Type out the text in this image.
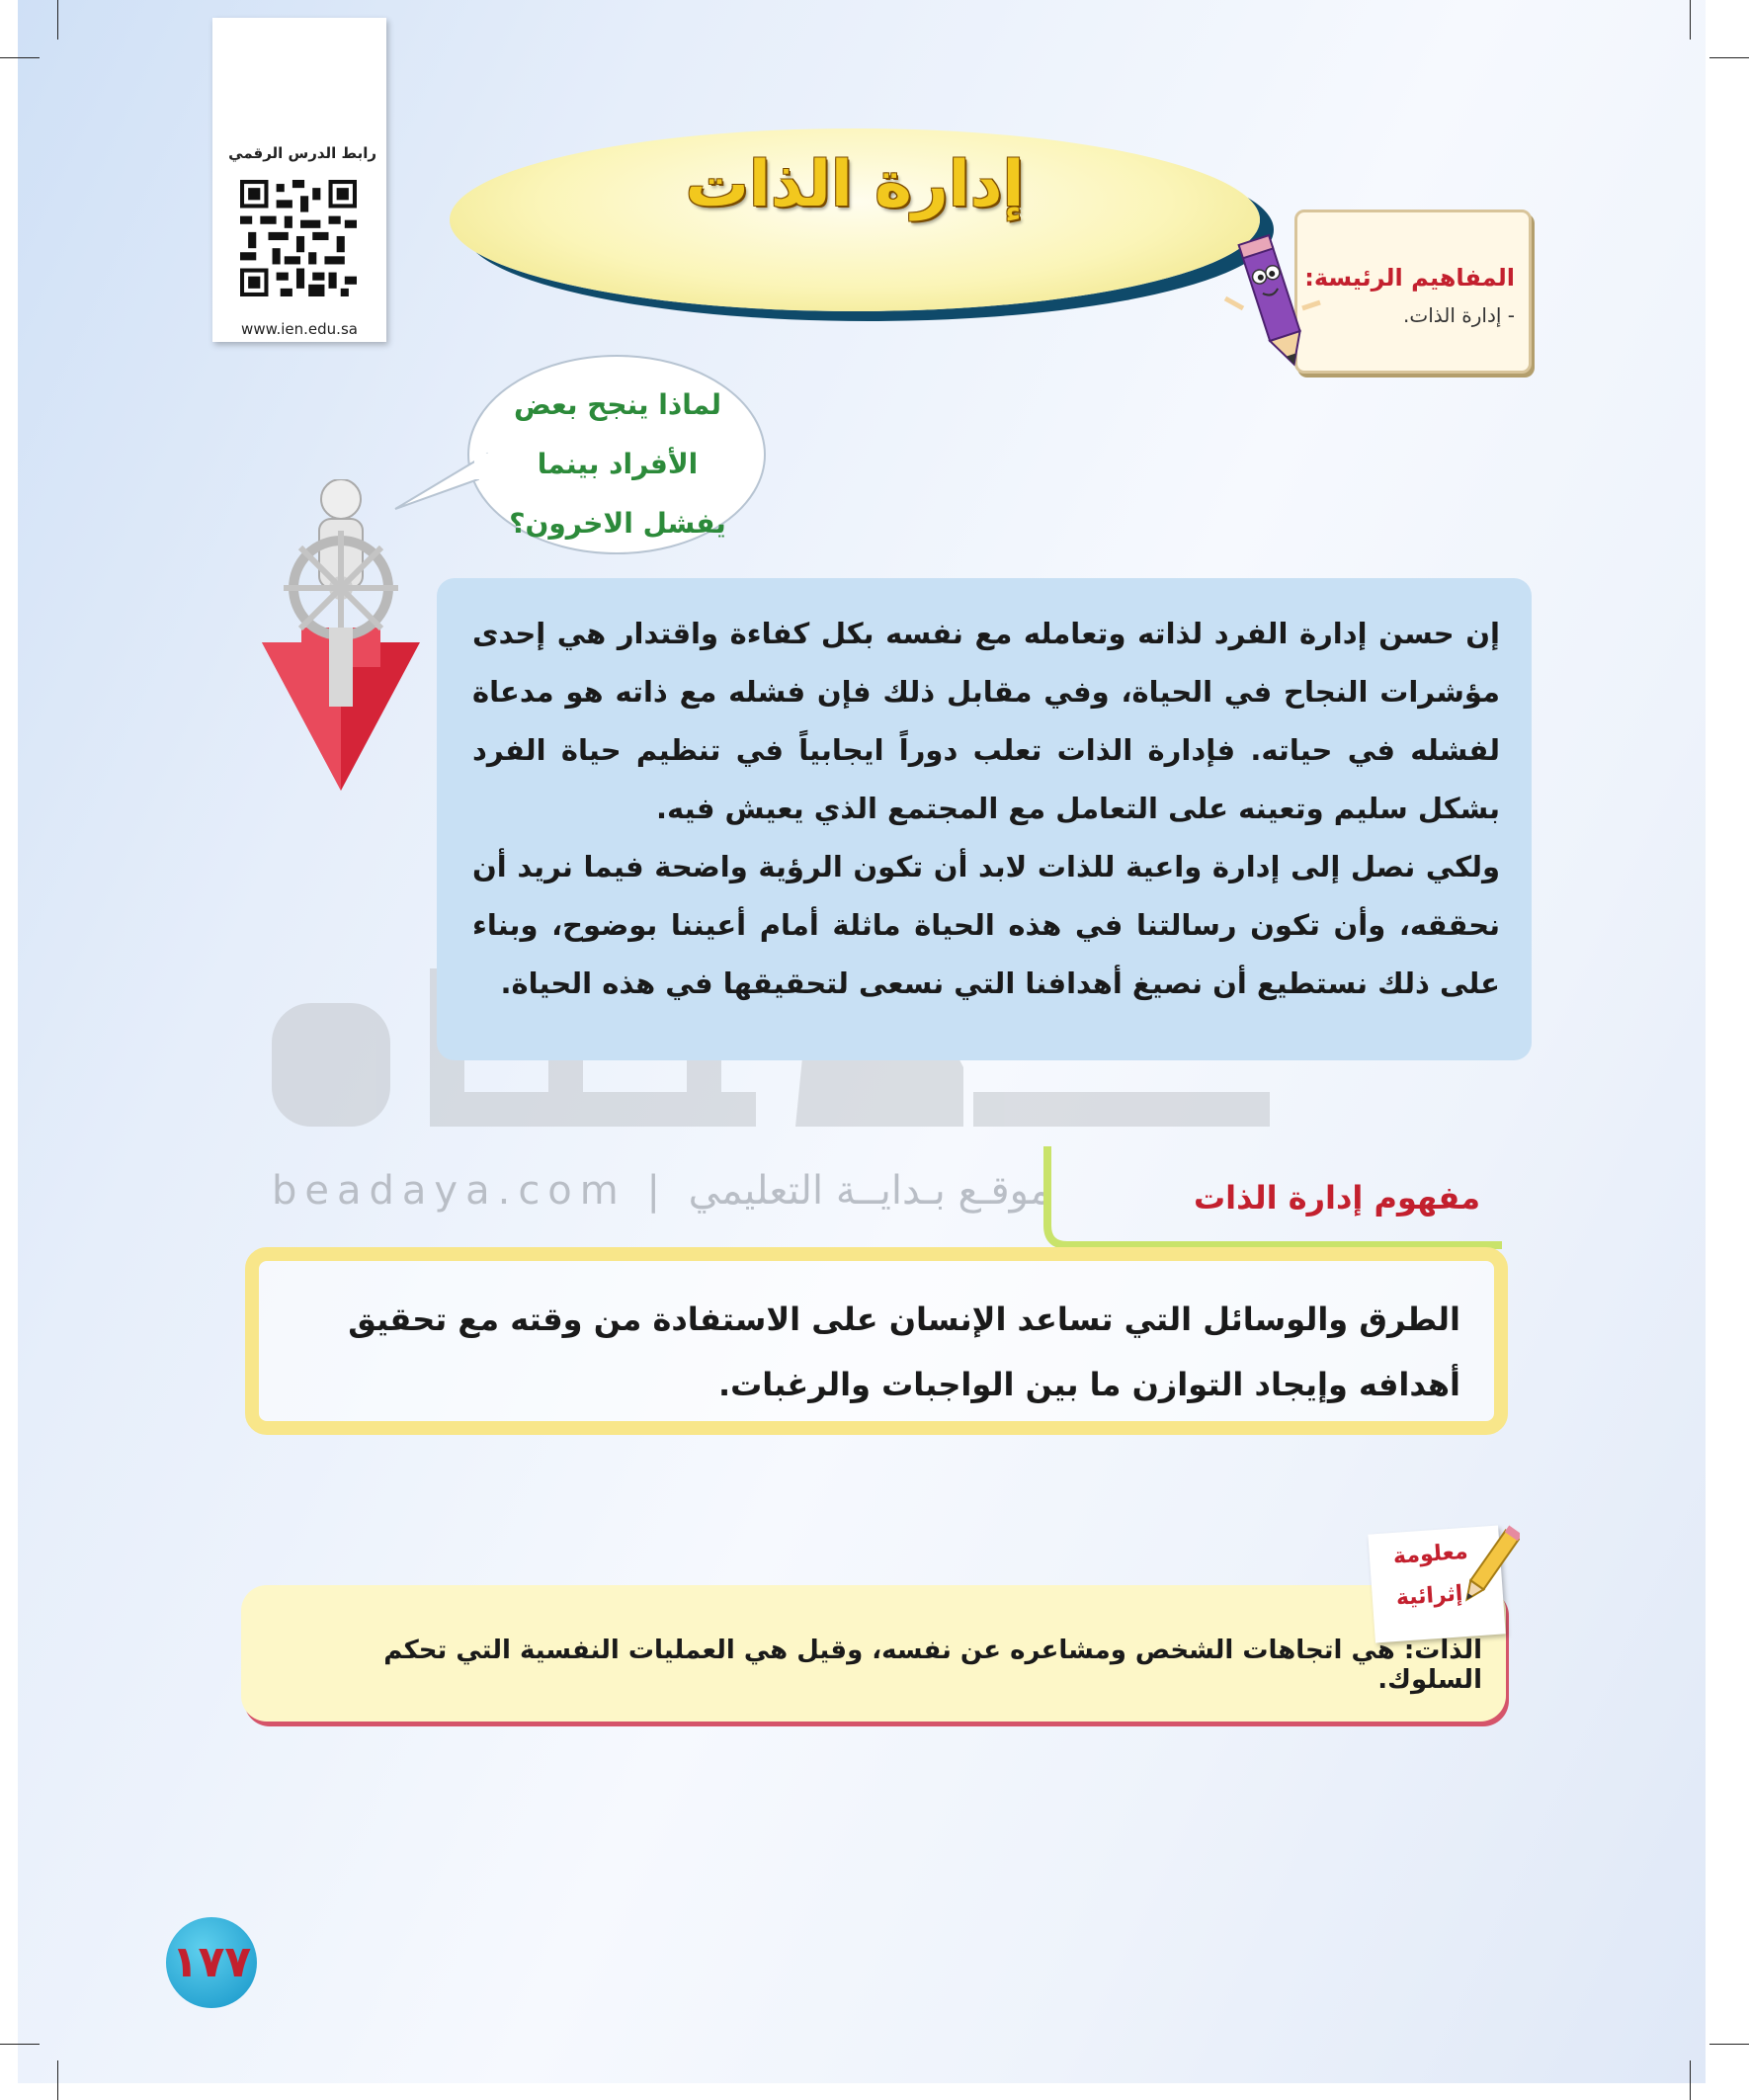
رابط الدرس الرقمي
www.ien.edu.sa
إدارة الذات
المفاهيم الرئيسة:
- إدارة الذات.
لماذا ينجح بعض
الأفراد بينما
يفشل الاخرون؟

إن حسن إدارة الفرد لذاته وتعامله مع نفسه بكل كفاءة واقتدار هي إحدى مؤشرات النجاح في الحياة، وفي مقابل ذلك فإن فشله مع ذاته هو مدعاة لفشله في حياته. فإدارة الذات تعلب دوراً ايجابياً في تنظيم حياة الفرد بشكل سليم وتعينه على التعامل مع المجتمع الذي يعيش فيه.

ولكي نصل إلى إدارة واعية للذات لابد أن تكون الرؤية واضحة فيما نريد أن نحققه، وأن تكون رسالتنا في هذه الحياة ماثلة أمام أعيننا بوضوح، وبناء على ذلك نستطيع أن نصيغ أهدافنا التي نسعى لتحقيقها في هذه الحياة.

beadaya.com | موقـع بـدايــة التعليمي	مفهوم إدارة الذات
الطرق والوسائل التي تساعد الإنسان على الاستفادة من وقته مع تحقيق أهدافه وإيجاد التوازن ما بين الواجبات والرغبات.
معلومة
إثرائية
الذات: هي اتجاهات الشخص ومشاعره عن نفسه، وقيل هي العمليات النفسية التي تحكم السلوك.
١٧٧
